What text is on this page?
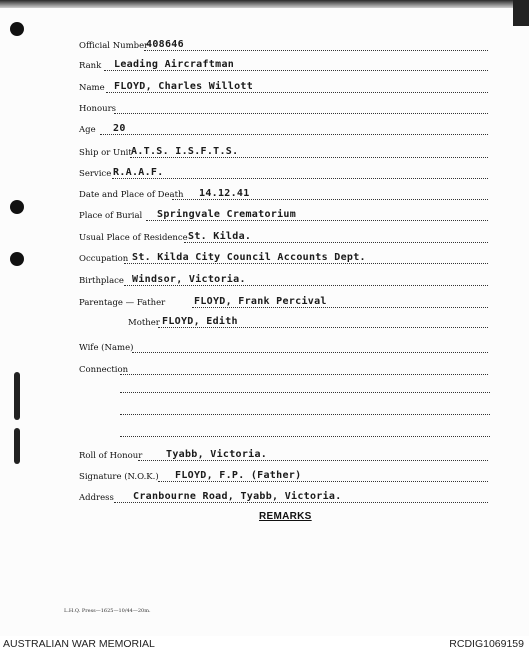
Official Number
408646
Rank Leading Aircraftman
Name FLOYD, Charles Willott
Honours
Age 20
Ship or Unit A.T.S. I.S.F.T.S.
Service R.A.A.F.
Date and Place of Death 14.12.41
Place of Burial Springvale Crematorium
Usual Place of Residence St. Kilda.
Occupation St. Kilda City Council Accounts Dept.
Birthplace Windsor, Victoria.
Parentage — Father	FLOYD, Frank Percival
Mother FLOYD, Edith
Wife (Name)
Connection
Roll of Honour Tyabb, Victoria.
Signature (N.O.K.) FLOYD, F.P. (Father)
Address Cranbourne Road, Tyabb, Victoria.
REMARKS
L.H.Q. Press—1625—10/44—20m.
AUSTRALIAN WAR MEMORIAL	RCDIG1069159
